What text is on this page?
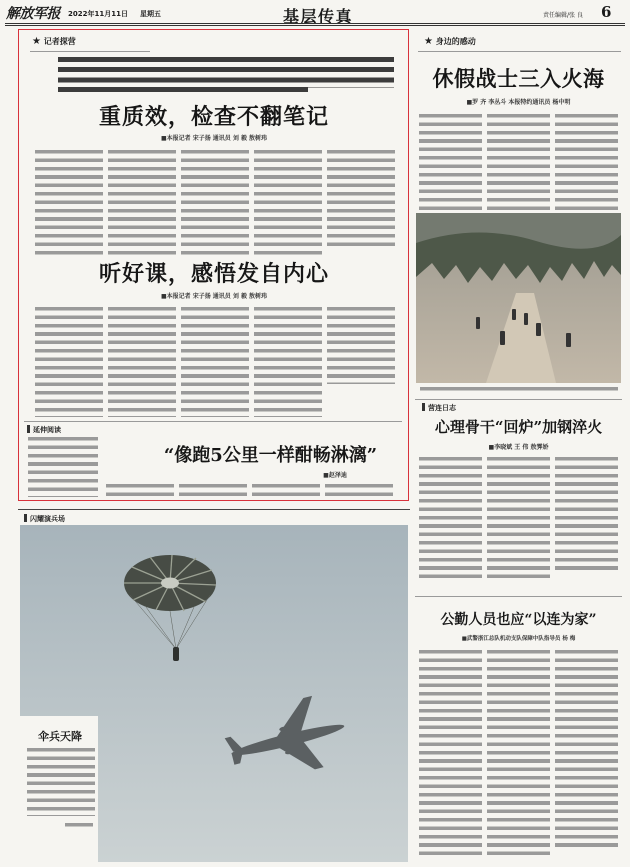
解放军报 2022年11月11日 星期五	基层传真	责任编辑/张 良 6
★ 记者探营
重质效，检查不翻笔记
■本报记者 宋子扬 通讯员 刘 毅 敖树玮
听好课，感悟发自内心
■本报记者 宋子扬 通讯员 刘 毅 敖树玮
延伸阅读
“像跑5公里一样酣畅淋漓”
■赵泽迪
闪耀演兵场
伞兵天降
★ 身边的感动
休假战士三入火海
■罗 齐 李丛斗 本报特约通讯员 杨中明
营连日志
心理骨干“回炉”加钢淬火
■李晓斌 王 伟 敖霁娇
公勤人员也应“以连为家”
■武警浙江总队机动支队保障中队指导员 杨 梅
